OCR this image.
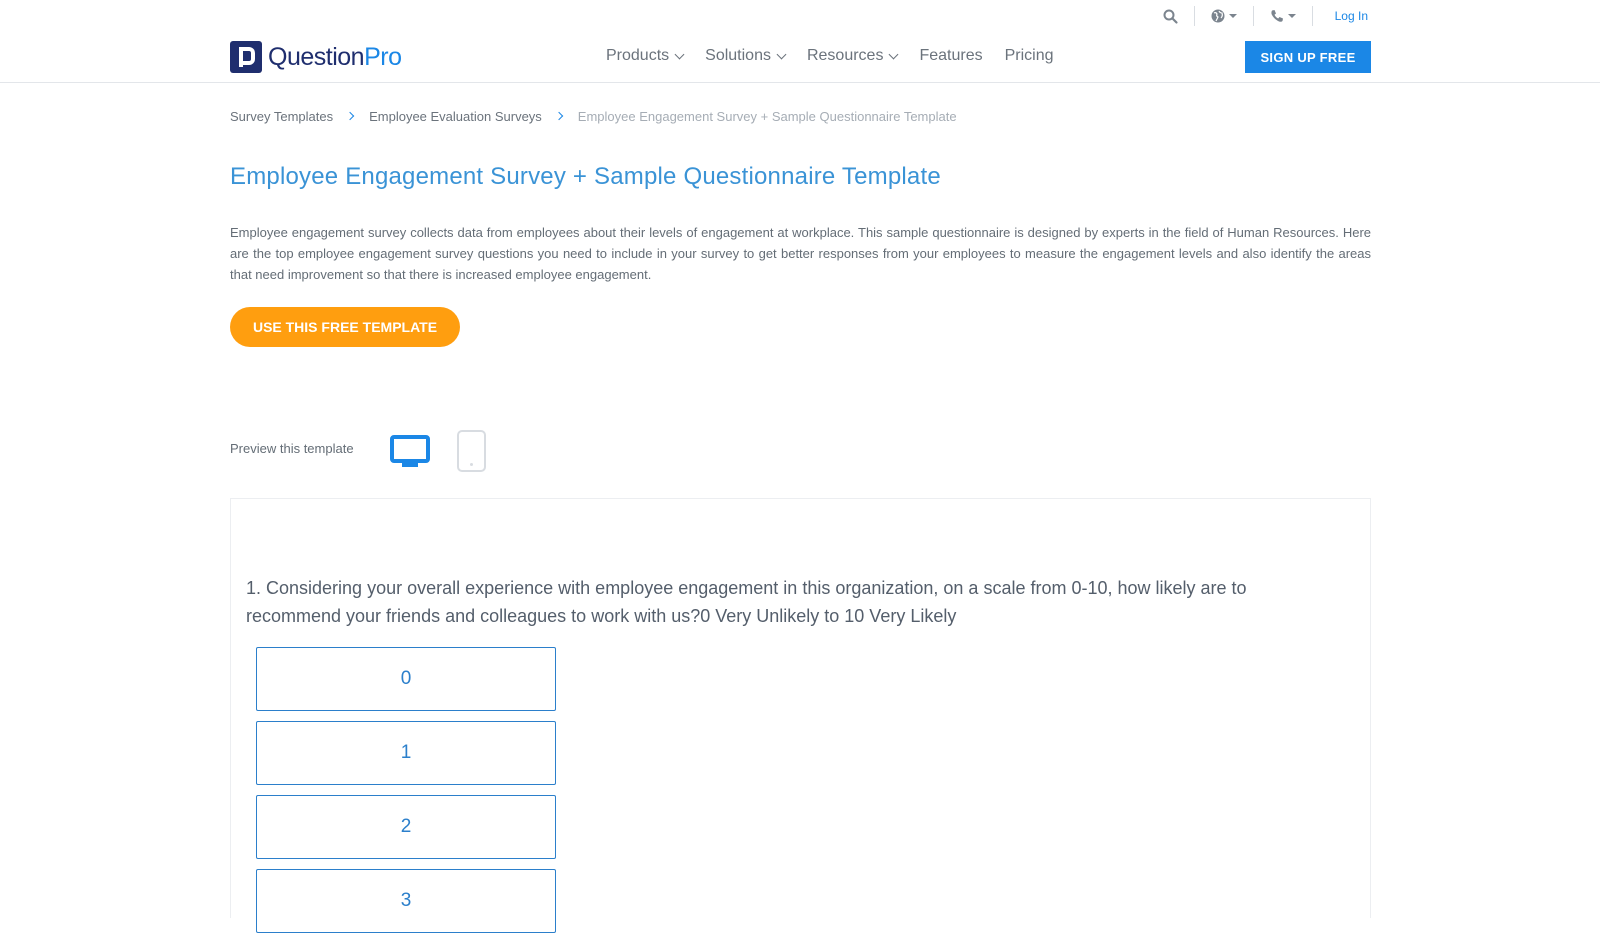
Log In
QuestionPro	Products Solutions Resources Features Pricing	SIGN UP FREE
Survey Templates	Employee Evaluation Surveys	Employee Engagement Survey + Sample Questionnaire Template
Employee Engagement Survey + Sample Questionnaire Template

Employee engagement survey collects data from employees about their levels of engagement at workplace. This sample questionnaire is designed by experts in the field of Human Resources. Here are the top employee engagement survey questions you need to include in your survey to get better responses from your employees to measure the engagement levels and also identify the areas that need improvement so that there is increased employee engagement.

USE THIS FREE TEMPLATE
Preview this template
1. Considering your overall experience with employee engagement in this organization, on a scale from 0-10, how likely are to recommend your friends and colleagues to work with us?0 Very Unlikely to 10 Very Likely
0
1
2
3
